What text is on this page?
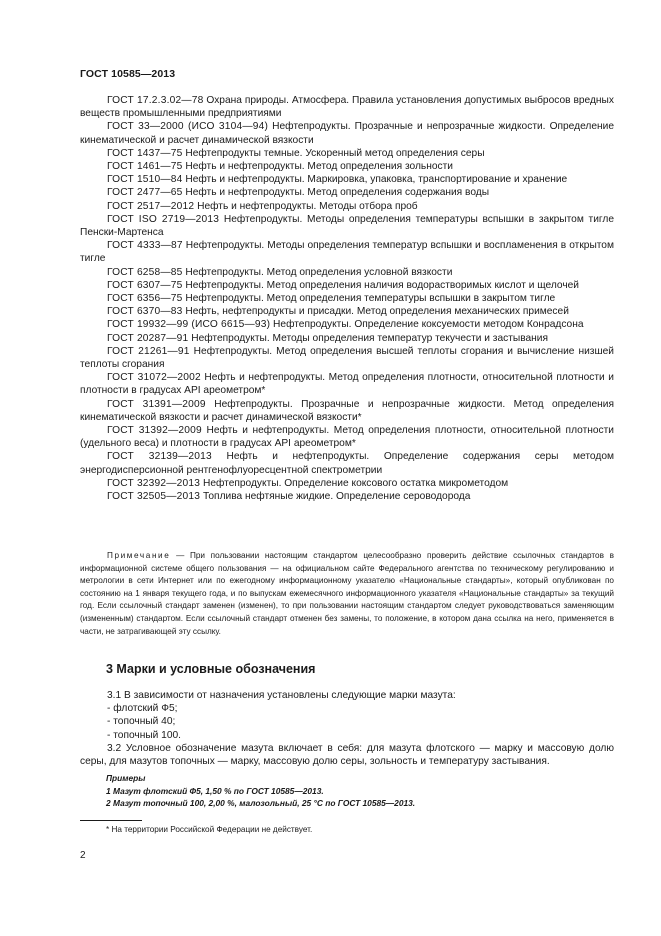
ГОСТ 10585—2013

ГОСТ 17.2.3.02—78 Охрана природы. Атмосфера. Правила установления допустимых выбросов вредных веществ промышленными предприятиями

ГОСТ 33—2000 (ИСО 3104—94) Нефтепродукты. Прозрачные и непрозрачные жидкости. Определение кинематической и расчет динамической вязкости

ГОСТ 1437—75 Нефтепродукты темные. Ускоренный метод определения серы

ГОСТ 1461—75 Нефть и нефтепродукты. Метод определения зольности

ГОСТ 1510—84 Нефть и нефтепродукты. Маркировка, упаковка, транспортирование и хранение

ГОСТ 2477—65 Нефть и нефтепродукты. Метод определения содержания воды

ГОСТ 2517—2012 Нефть и нефтепродукты. Методы отбора проб

ГОСТ ISO 2719—2013 Нефтепродукты. Методы определения температуры вспышки в закрытом тигле Пенски-Мартенса

ГОСТ 4333—87 Нефтепродукты. Методы определения температур вспышки и воспламенения в открытом тигле

ГОСТ 6258—85 Нефтепродукты. Метод определения условной вязкости

ГОСТ 6307—75 Нефтепродукты. Метод определения наличия водорастворимых кислот и щелочей

ГОСТ 6356—75 Нефтепродукты. Метод определения температуры вспышки в закрытом тигле

ГОСТ 6370—83 Нефть, нефтепродукты и присадки. Метод определения механических примесей

ГОСТ 19932—99 (ИСО 6615—93) Нефтепродукты. Определение коксуемости методом Конрадсона

ГОСТ 20287—91 Нефтепродукты. Методы определения температур текучести и застывания

ГОСТ 21261—91 Нефтепродукты. Метод определения высшей теплоты сгорания и вычисление низшей теплоты сгорания

ГОСТ 31072—2002 Нефть и нефтепродукты. Метод определения плотности, относительной плотности и плотности в градусах API ареометром*

ГОСТ 31391—2009 Нефтепродукты. Прозрачные и непрозрачные жидкости. Метод определения кинематической вязкости и расчет динамической вязкости*

ГОСТ 31392—2009 Нефть и нефтепродукты. Метод определения плотности, относительной плотности (удельного веса) и плотности в градусах API ареометром*

ГОСТ 32139—2013 Нефть и нефтепродукты. Определение содержания серы методом энергодисперсионной рентгенофлуоресцентной спектрометрии

ГОСТ 32392—2013 Нефтепродукты. Определение коксового остатка микрометодом

ГОСТ 32505—2013 Топлива нефтяные жидкие. Определение сероводорода

Примечание — При пользовании настоящим стандартом целесообразно проверить действие ссылочных стандартов в информационной системе общего пользования — на официальном сайте Федерального агентства по техническому регулированию и метрологии в сети Интернет или по ежегодному информационному указателю «Национальные стандарты», который опубликован по состоянию на 1 января текущего года, и по выпускам ежемесячного информационного указателя «Национальные стандарты» за текущий год. Если ссылочный стандарт заменен (изменен), то при пользовании настоящим стандартом следует руководствоваться заменяющим (измененным) стандартом. Если ссылочный стандарт отменен без замены, то положение, в котором дана ссылка на него, применяется в части, не затрагивающей эту ссылку.

3 Марки и условные обозначения

3.1 В зависимости от назначения установлены следующие марки мазута:

- флотский Ф5;

- топочный 40;

- топочный 100.

3.2 Условное обозначение мазута включает в себя: для мазута флотского — марку и массовую долю серы, для мазутов топочных — марку, массовую долю серы, зольность и температуру застывания.

Примеры

1 Мазут флотский Ф5, 1,50 % по ГОСТ 10585—2013.

2 Мазут топочный 100, 2,00 %, малозольный, 25 °С по ГОСТ 10585—2013.

* На территории Российской Федерации не действует.
2
